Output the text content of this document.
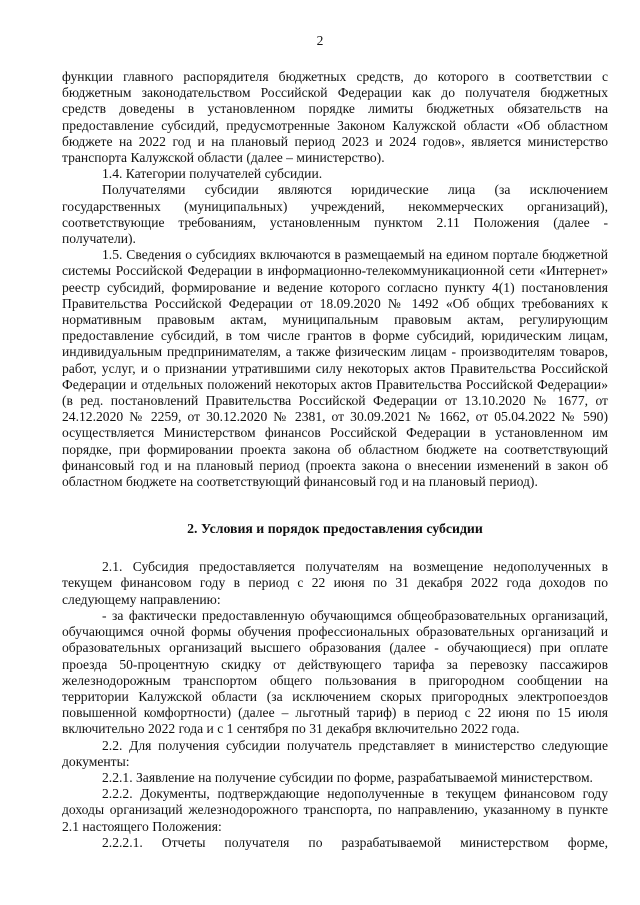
2

функции главного распорядителя бюджетных средств, до которого в соответствии с бюджетным законодательством Российской Федерации как до получателя бюджетных средств доведены в установленном порядке лимиты бюджетных обязательств на предоставление субсидий, предусмотренные Законом Калужской области «Об областном бюджете на 2022 год и на плановый период 2023 и 2024 годов», является министерство транспорта Калужской области (далее – министерство).

1.4. Категории получателей субсидии.

Получателями субсидии являются юридические лица (за исключением государственных (муниципальных) учреждений, некоммерческих организаций), соответствующие требованиям, установленным пунктом 2.11 Положения (далее - получатели).

1.5. Сведения о субсидиях включаются в размещаемый на едином портале бюджетной системы Российской Федерации в информационно-телекоммуникационной сети «Интернет» реестр субсидий, формирование и ведение которого согласно пункту 4(1) постановления Правительства Российской Федерации от 18.09.2020 № 1492 «Об общих требованиях к нормативным правовым актам, муниципальным правовым актам, регулирующим предоставление субсидий, в том числе грантов в форме субсидий, юридическим лицам, индивидуальным предпринимателям, а также физическим лицам - производителям товаров, работ, услуг, и о признании утратившими силу некоторых актов Правительства Российской Федерации и отдельных положений некоторых актов Правительства Российской Федерации» (в ред. постановлений Правительства Российской Федерации от 13.10.2020 № 1677, от 24.12.2020 № 2259, от 30.12.2020 № 2381, от 30.09.2021 № 1662, от 05.04.2022 № 590) осуществляется Министерством финансов Российской Федерации в установленном им порядке, при формировании проекта закона об областном бюджете на соответствующий финансовый год и на плановый период (проекта закона о внесении изменений в закон об областном бюджете на соответствующий финансовый год и на плановый период).

2. Условия и порядок предоставления субсидии

2.1. Субсидия предоставляется получателям на возмещение недополученных в текущем финансовом году в период с 22 июня по 31 декабря 2022 года доходов по следующему направлению:

- за фактически предоставленную обучающимся общеобразовательных организаций, обучающимся очной формы обучения профессиональных образовательных организаций и образовательных организаций высшего образования (далее - обучающиеся) при оплате проезда 50-процентную скидку от действующего тарифа за перевозку пассажиров железнодорожным транспортом общего пользования в пригородном сообщении на территории Калужской области (за исключением скорых пригородных электропоездов повышенной комфортности) (далее – льготный тариф) в период с 22 июня по 15 июля включительно 2022 года и с 1 сентября по 31 декабря включительно 2022 года.

2.2. Для получения субсидии получатель представляет в министерство следующие документы:

2.2.1. Заявление на получение субсидии по форме, разрабатываемой министерством.

2.2.2. Документы, подтверждающие недополученные в текущем финансовом году доходы организаций железнодорожного транспорта, по направлению, указанному в пункте 2.1 настоящего Положения:

2.2.2.1. Отчеты получателя по разрабатываемой министерством форме,
